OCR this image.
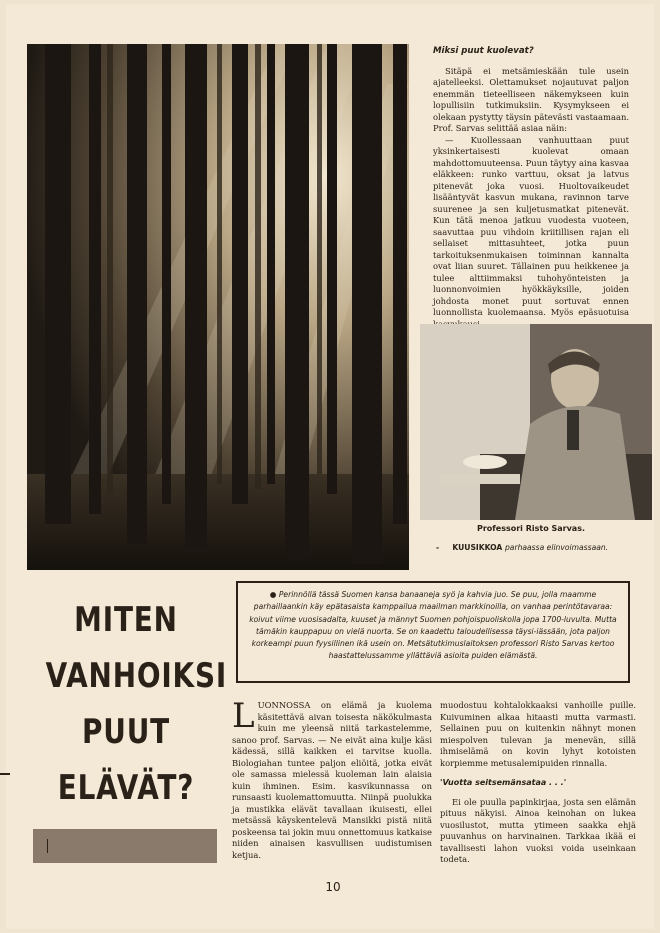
Miksi puut kuolevat?

Sitäpä ei metsämieskään tule usein ajatelleeksi. Olettamukset nojautuvat paljon enemmän tieteelliseen näkemykseen kuin lopullisiin tutkimuksiin. Kysymykseen ei olekaan pystytty täysin pätevästi vastaamaan. Prof. Sarvas selittää asiaa näin:

— Kuollessaan vanhuuttaan puut yksinkertaisesti kuolevat omaan mahdottomuuteensa. Puun täytyy aina kasvaa eläkkeen: runko varttuu, oksat ja latvus pitenevät joka vuosi. Huoltovaikeudet lisääntyvät kasvun mukana, ravinnon tarve suurenee ja sen kuljetusmatkat pitenevät. Kun tätä menoa jatkuu vuodesta vuoteen, saavuttaa puu vihdoin kriitillisen rajan eli sellaiset mittasuhteet, jotka puun tarkoituksenmukaisen toiminnan kannalta ovat liian suuret. Tällainen puu heikkenee ja tulee alttiimmaksi tuhohyönteisten ja luonnonvoimien hyökkäyksille, joiden johdosta monet puut sortuvat ennen luonnollista kuolemaansa. Myös epäsuotuisa

Professori Risto Sarvas.
- KUUSIKKOA parhaassa elinvoimassaan.
MITEN
VANHOIKSI
PUUT
ELÄVÄT?
● Perinnöllä tässä Suomen kansa banaaneja syö ja kahvia juo. Se puu, jolla maamme parhaillaankin käy epätasaista kamppailua maailman markkinoilla, on vanhaa perintötavaraa: koivut viime vuosisadalta, kuuset ja männyt Suomen pohjoispuoliskolla jopa 1700-luvulta. Mutta tämäkin kauppapuu on vielä nuorta. Se on kaadettu taloudellisessa täysi-iässään, jota paljon korkeampi puun fyysillinen ikä usein on. Metsätutkimuslaitoksen professori Risto Sarvas kertoo haastattelussamme yllättäviä asioita puiden elämästä.
L UONNOSSA on elämä ja kuolema käsitettävä aivan toisesta näkökulmasta kuin me yleensä niitä tarkastelemme, sanoo prof. Sarvas. — Ne eivät aina kulje käsi kädessä, sillä kaikken ei tarvitse kuolla. Biologiahan tuntee paljon eliöitä, jotka eivät ole samassa mielessä kuoleman lain alaisia kuin ihminen. Esim. kasvikunnassa on runsaasti kuolemattomuutta. Niinpä puolukka ja mustikka elävät tavallaan ikuisesti, ellei metsässä käyskentelevä Mansikki pistä niitä poskeensa tai jokin muu onnettomuus katkaise niiden ainaisen kasvullisen uudistumisen ketjua.

muodostuu kohtalokkaaksi vanhoille puille. Kuivuminen alkaa hitaasti mutta varmasti. Sellainen puu on kuitenkin nähnyt monen miespolven tulevan ja menevän, sillä ihmiselämä on kovin lyhyt kotoisten korpiemme metusalemipuiden rinnalla.

'Vuotta seitsemänsataa . . .'

Ei ole puulla papinkirjaa, josta sen elämän pituus näkyisi. Ainoa keinohan on lukea vuosilustot, mutta ytimeen saakka ehjä puuvanhus on harvinainen. Tarkkaa ikää ei tavallisesti lahon vuoksi voida useinkaan todeta.

10
